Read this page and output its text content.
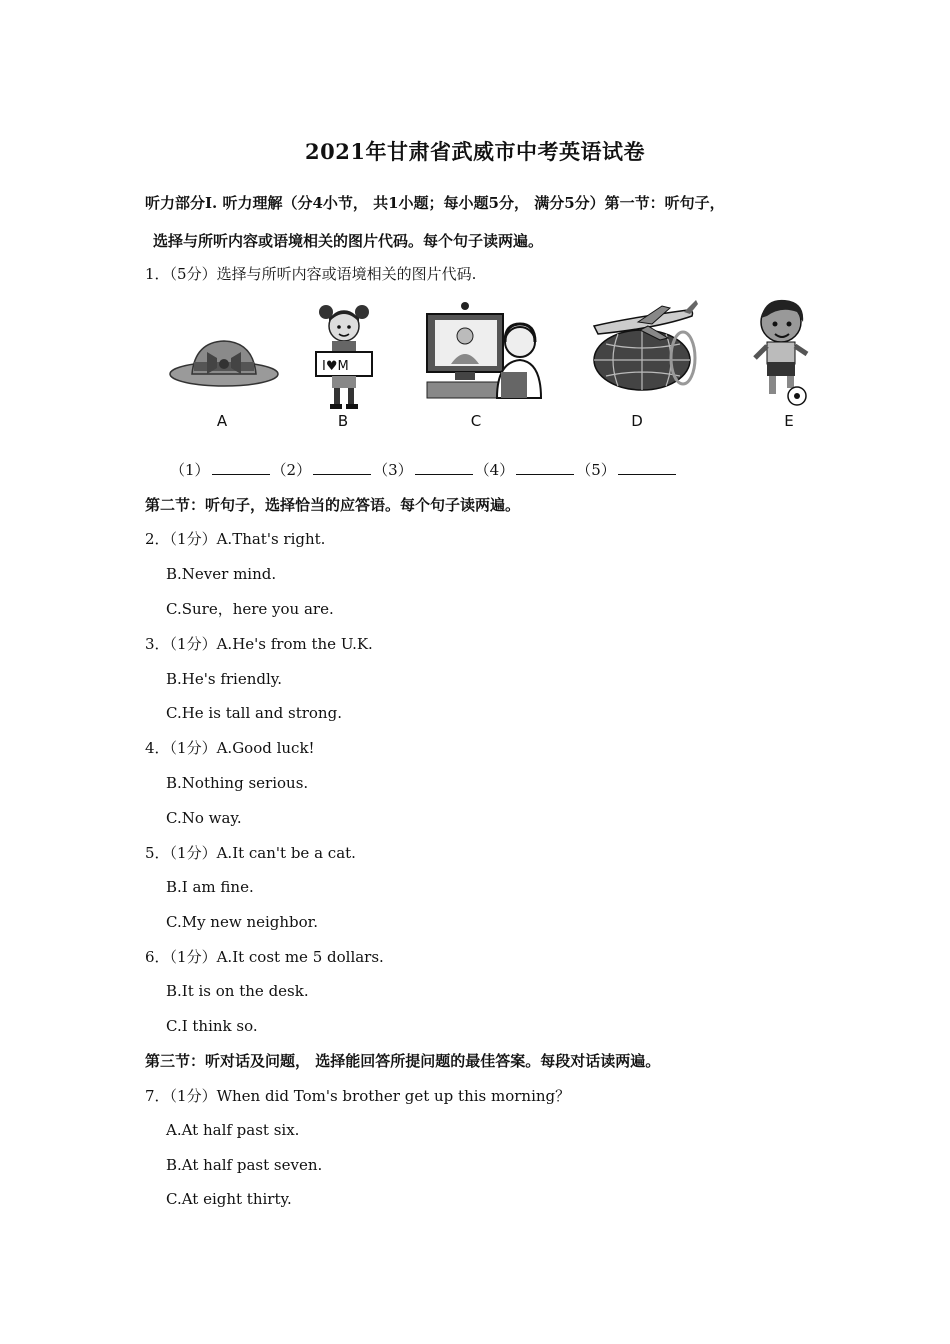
2021年甘肃省武威市中考英语试卷
听力部分Ⅰ. 听力理解（分4小节， 共1小题；每小题5分， 满分5分）第一节：听句子，
选择与所听内容或语境相关的图片代码。每个句子读两遍。
1．（5分）选择与所听内容或语境相关的图片代码.
A
I♥M
B	C	D	E
（1）	（2）	（3）	（4）	（5）
第二节：听句子，选择恰当的应答语。每个句子读两遍。
2．（1分）A.That's right.
B.Never mind.
C.Sure，here you are.
3．（1分）A.He's from the U.K.
B.He's friendly.
C.He is tall and strong.
4．（1分）A.Good luck!
B.Nothing serious.
C.No way.
5．（1分）A.It can't be a cat.
B.I am fine.
C.My new neighbor.
6．（1分）A.It cost me 5 dollars.
B.It is on the desk.
C.I think so.
第三节：听对话及问题， 选择能回答所提问题的最佳答案。每段对话读两遍。
7．（1分）When did Tom's brother get up this morning？
A.At half past six.
B.At half past seven.
C.At eight thirty.
